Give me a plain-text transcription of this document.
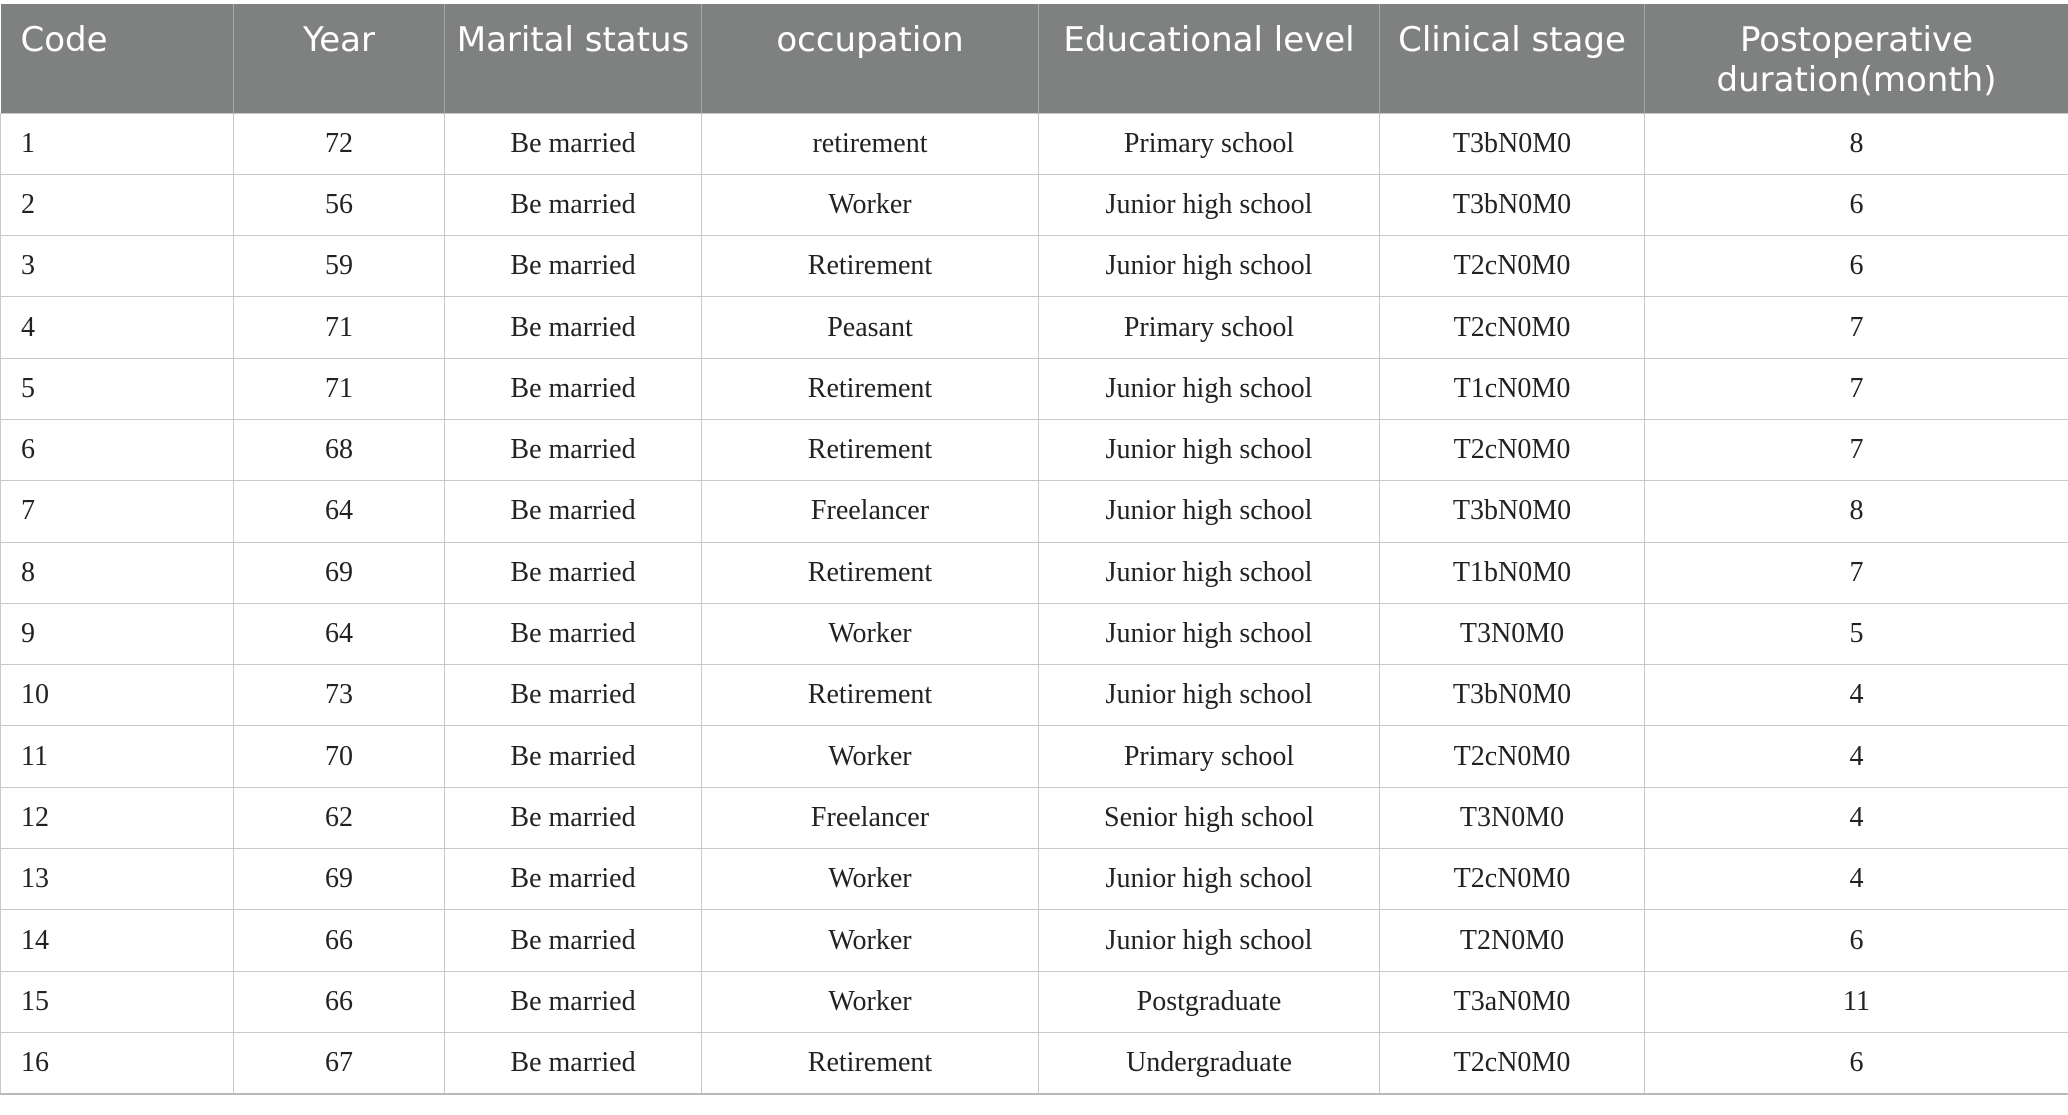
Code	Year	Marital status	occupation	Educational level	Clinical stage	Postoperative duration(month)
1	72	Be married	retirement	Primary school	T3bN0M0	8
2	56	Be married	Worker	Junior high school	T3bN0M0	6
3	59	Be married	Retirement	Junior high school	T2cN0M0	6
4	71	Be married	Peasant	Primary school	T2cN0M0	7
5	71	Be married	Retirement	Junior high school	T1cN0M0	7
6	68	Be married	Retirement	Junior high school	T2cN0M0	7
7	64	Be married	Freelancer	Junior high school	T3bN0M0	8
8	69	Be married	Retirement	Junior high school	T1bN0M0	7
9	64	Be married	Worker	Junior high school	T3N0M0	5
10	73	Be married	Retirement	Junior high school	T3bN0M0	4
11	70	Be married	Worker	Primary school	T2cN0M0	4
12	62	Be married	Freelancer	Senior high school	T3N0M0	4
13	69	Be married	Worker	Junior high school	T2cN0M0	4
14	66	Be married	Worker	Junior high school	T2N0M0	6
15	66	Be married	Worker	Postgraduate	T3aN0M0	11
16	67	Be married	Retirement	Undergraduate	T2cN0M0	6
